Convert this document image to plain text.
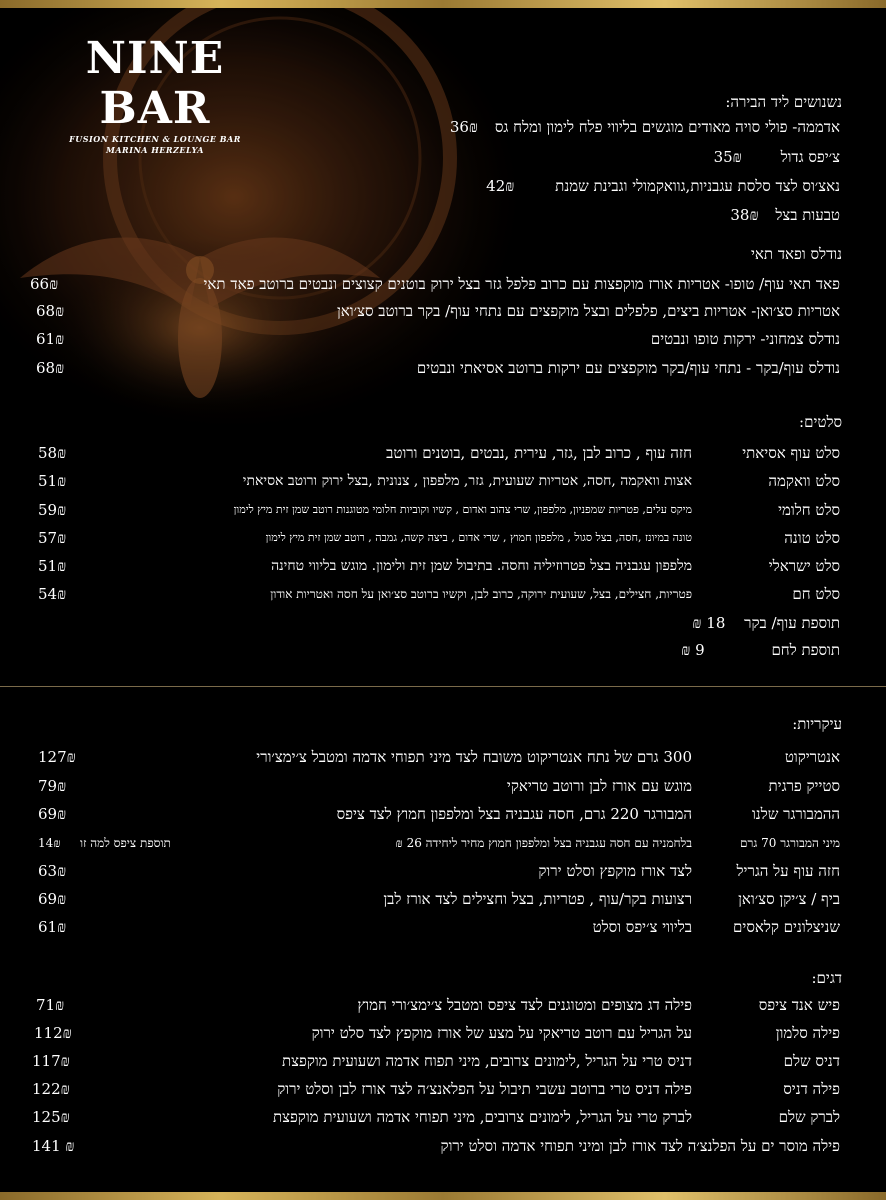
NINE BAR
FUSION KITCHEN & LOUNGE BAR
MARINA HERZELYA
נשנושים ליד הבירה:
אדממה- פולי סויה מאודים מוגשים בליווי פלח לימון ומלח גס 36₪
צ׳יפס גדול 35₪
נאצ׳וס לצד סלסת עגבניות,גוואקמולי וגבינת שמנת 42₪
טבעות בצל 38₪
נודלס ופאד תאי
פאד תאי עוף/ טופו- אטריות אורז מוקפצות עם כרוב פלפל גזר בצל ירוק בוטנים קצוצים ונבטים ברוטב פאד תאי
66₪
אטריות סצ׳ואן- אטריות ביצים, פלפלים ובצל מוקפצים עם נתחי עוף/ בקר ברוטב סצ׳ואן
68₪
נודלס צמחוני- ירקות טופו ונבטים
61₪
נודלס עוף/בקר - נתחי עוף/בקר מוקפצים עם ירקות ברוטב אסיאתי ונבטים
68₪
סלטים:
סלט עוף אסיאתי
חזה עוף , כרוב לבן ,גזר, עירית ,נבטים ,בוטנים ורוטב
58₪
סלט וואקמה
אצות וואקמה ,חסה, אטריות שעועית, גזר, מלפפון , צנונית ,בצל ירוק ורוטב אסיאתי
51₪
סלט חלומי
מיקס עלים, פטריות שמפניון, מלפפון, שרי צהוב ואדום , קשיו וקוביות חלומי מטוגנות רוטב שמן זית מיץ לימון
59₪
סלט טונה
טונה במיונז ,חסה, בצל סגול , מלפפון חמוץ , שרי אדום , ביצה קשה, גמבה , רוטב שמן זית מיץ לימון
57₪
סלט ישראלי
מלפפון עגבניה בצל פטרוזיליה וחסה. בתיבול שמן זית ולימון. מוגש בליווי טחינה
51₪
סלט חם
פטריות, חצילים, בצל, שעועית ירוקה, כרוב לבן, וקשיו ברוטב סצ׳ואן על חסה ואטריות אודון
54₪
תוספת עוף/ בקר 18 ₪
תוספת לחם 9 ₪
עיקריות:
אנטריקוט
300 גרם של נתח אנטריקוט משובח לצד מיני תפוחי אדמה ומטבל צ׳ימצ׳ורי
127₪
סטייק פרגית
מוגש עם אורז לבן ורוטב טריאקי
79₪
ההמבורגר שלנו
המבורגר 220 גרם, חסה עגבניה בצל ומלפפון חמוץ לצד ציפס
69₪
מיני המבורגר 70 גרם
בלחמניה עם חסה עגבניה בצל ומלפפון חמוץ מחיר ליחידה 26 ₪
תוספת ציפס למה זו
14₪
חזה עוף על הגריל
לצד אורז מוקפץ וסלט ירוק
63₪
ביף / צ׳יקן סצ׳ואן
רצועות בקר/עוף , פטריות, בצל וחצילים לצד אורז לבן
69₪
שניצלונים קלאסים
בליווי צ׳יפס וסלט
61₪
דגים:
פיש אנד ציפס
פילה דג מצופים ומטוגנים לצד ציפס ומטבל צ׳ימצ׳ורי חמוץ
71₪
פילה סלמון
על הגריל עם רוטב טריאקי על מצע של אורז מוקפץ לצד סלט ירוק
112₪
דניס שלם
דניס טרי על הגריל ,לימונים צרובים, מיני תפוח אדמה ושעועית מוקפצת
117₪
פילה דניס
פילה דניס טרי ברוטב עשבי תיבול על הפלאנצ׳ה לצד אורז לבן וסלט ירוק
122₪
לברק שלם
לברק טרי על הגריל, לימונים צרובים, מיני תפוחי אדמה ושעועית מוקפצת
125₪
פילה מוסר ים על הפלנצ׳ה לצד אורז לבן ומיני תפוחי אדמה וסלט ירוק
141 ₪
